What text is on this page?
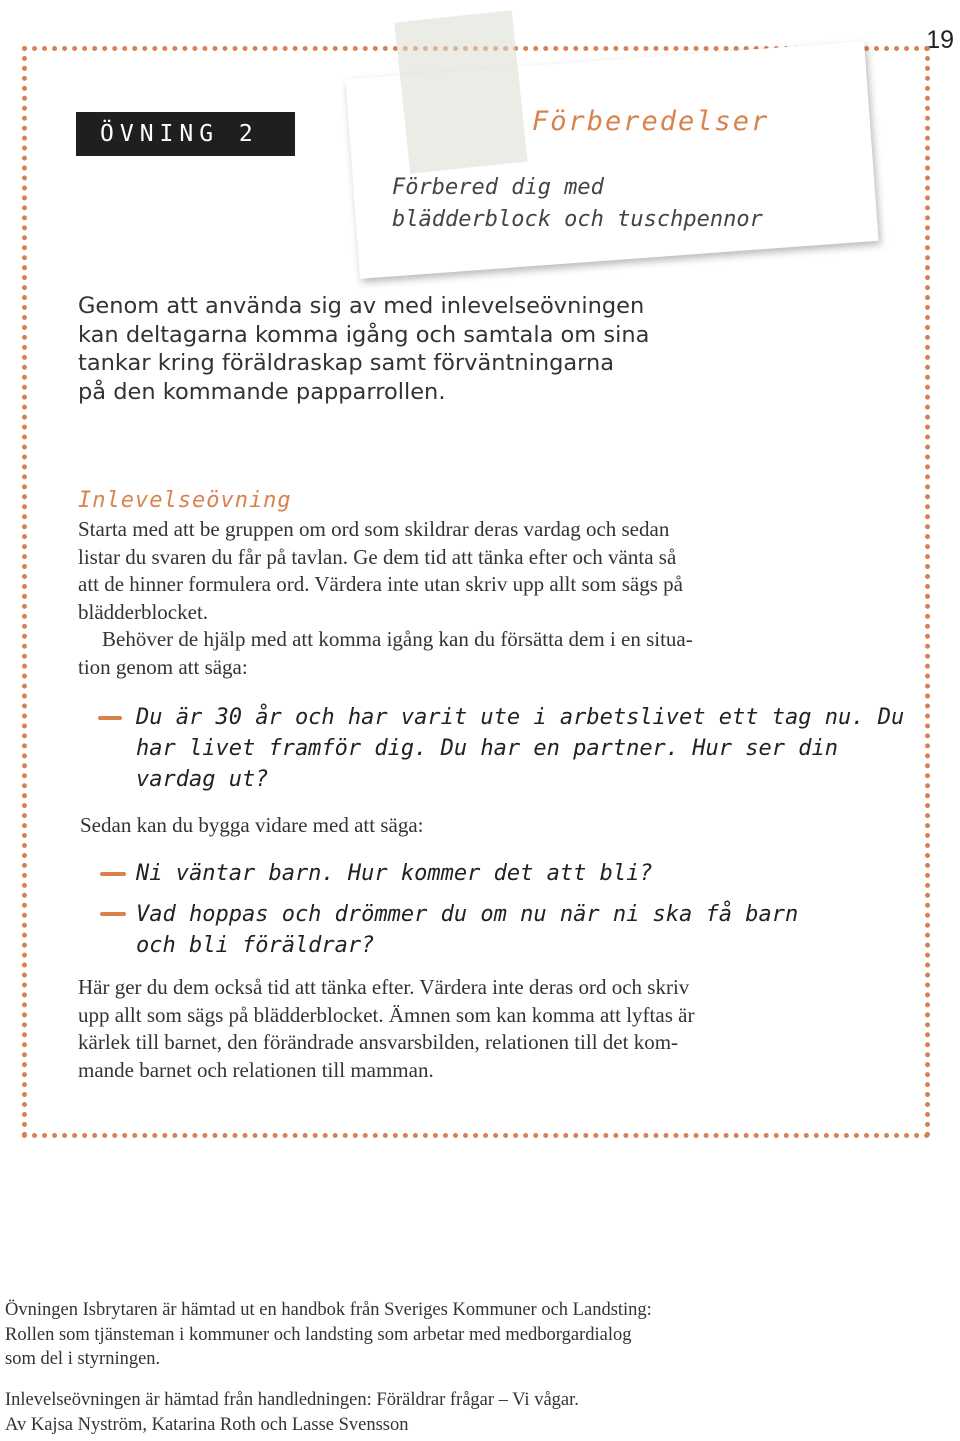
19
ÖVNING 2	Förberedelser
Förbered dig med
blädderblock och tuschpennor
Genom att använda sig av med inlevelseövningen
kan deltagarna komma igång och samtala om sina
tankar kring föräldraskap samt förväntningarna
på den kommande papparrollen.
Inlevelseövning
Starta med att be gruppen om ord som skildrar deras vardag och sedan
listar du svaren du får på tavlan. Ge dem tid att tänka efter och vänta så
att de hinner formulera ord. Värdera inte utan skriv upp allt som sägs på
blädderblocket.
Behöver de hjälp med att komma igång kan du försätta dem i en situa-
tion genom att säga:
Du är 30 år och har varit ute i arbetslivet ett tag nu. Du
har livet framför dig. Du har en partner. Hur ser din
vardag ut?
Sedan kan du bygga vidare med att säga:
Ni väntar barn. Hur kommer det att bli?
Vad hoppas och drömmer du om nu när ni ska få barn
och bli föräldrar?
Här ger du dem också tid att tänka efter. Värdera inte deras ord och skriv
upp allt som sägs på blädderblocket. Ämnen som kan komma att lyftas är
kärlek till barnet, den förändrade ansvarsbilden, relationen till det kom-
mande barnet och relationen till mamman.
Övningen Isbrytaren är hämtad ut en handbok från Sveriges Kommuner och Landsting:
Rollen som tjänsteman i kommuner och landsting som arbetar med medborgardialog
som del i styrningen.
Inlevelseövningen är hämtad från handledningen: Föräldrar frågar – Vi vågar.
Av Kajsa Nyström, Katarina Roth och Lasse Svensson
